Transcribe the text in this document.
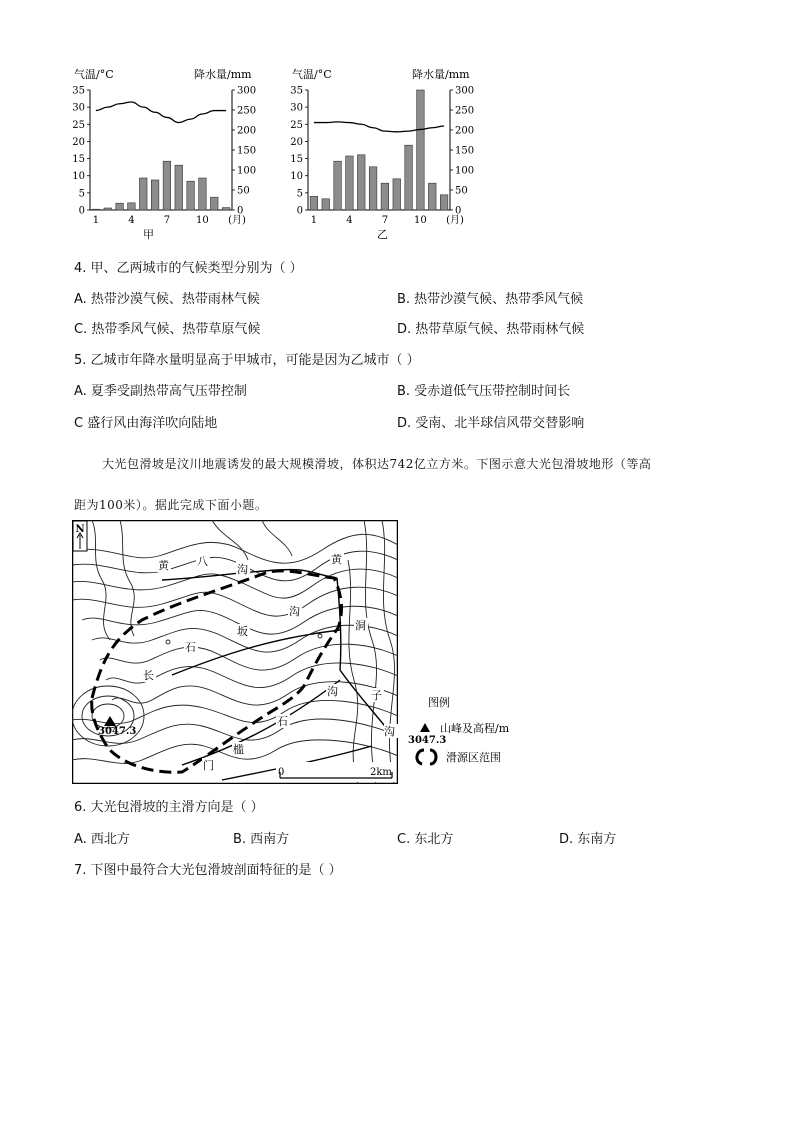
气温/°C	降水量/mm
0
5
10
15
20
25
30
35
0
50
100
150
200
250
300
1	4	7	10 (月)
甲
气温/°C	降水量/mm
0
5
10
15
20
25
30
35
0
50
100
150
200
250
300
1	4	7	10 (月)
乙
4. 甲、乙两城市的气候类型分别为（ ）
A. 热带沙漠气候、热带雨林气候	B. 热带沙漠气候、热带季风气候
C. 热带季风气候、热带草原气候	D. 热带草原气候、热带雨林气候
5. 乙城市年降水量明显高于甲城市，可能是因为乙城市（ ）
A. 夏季受副热带高气压带控制	B. 受赤道低气压带控制时间长
C 盛行风由海洋吹向陆地	D. 受南、北半球信风带交替影响
大光包滑坡是汶川地震诱发的最大规模滑坡，体积达742亿立方米。下图示意大光包滑坡地形（等高
距为100米）。据此完成下面小题。
N
3047.3
黄	八
沟
黄
沟
洞
石
坂
长
沟	子
沟
石
槛
门
0	2km
图例
山峰及高程/m
3047.3
滑源区范围
6. 大光包滑坡的主滑方向是（ ）
A. 西北方	B. 西南方	C. 东北方	D. 东南方
7. 下图中最符合大光包滑坡剖面特征的是（ ）
